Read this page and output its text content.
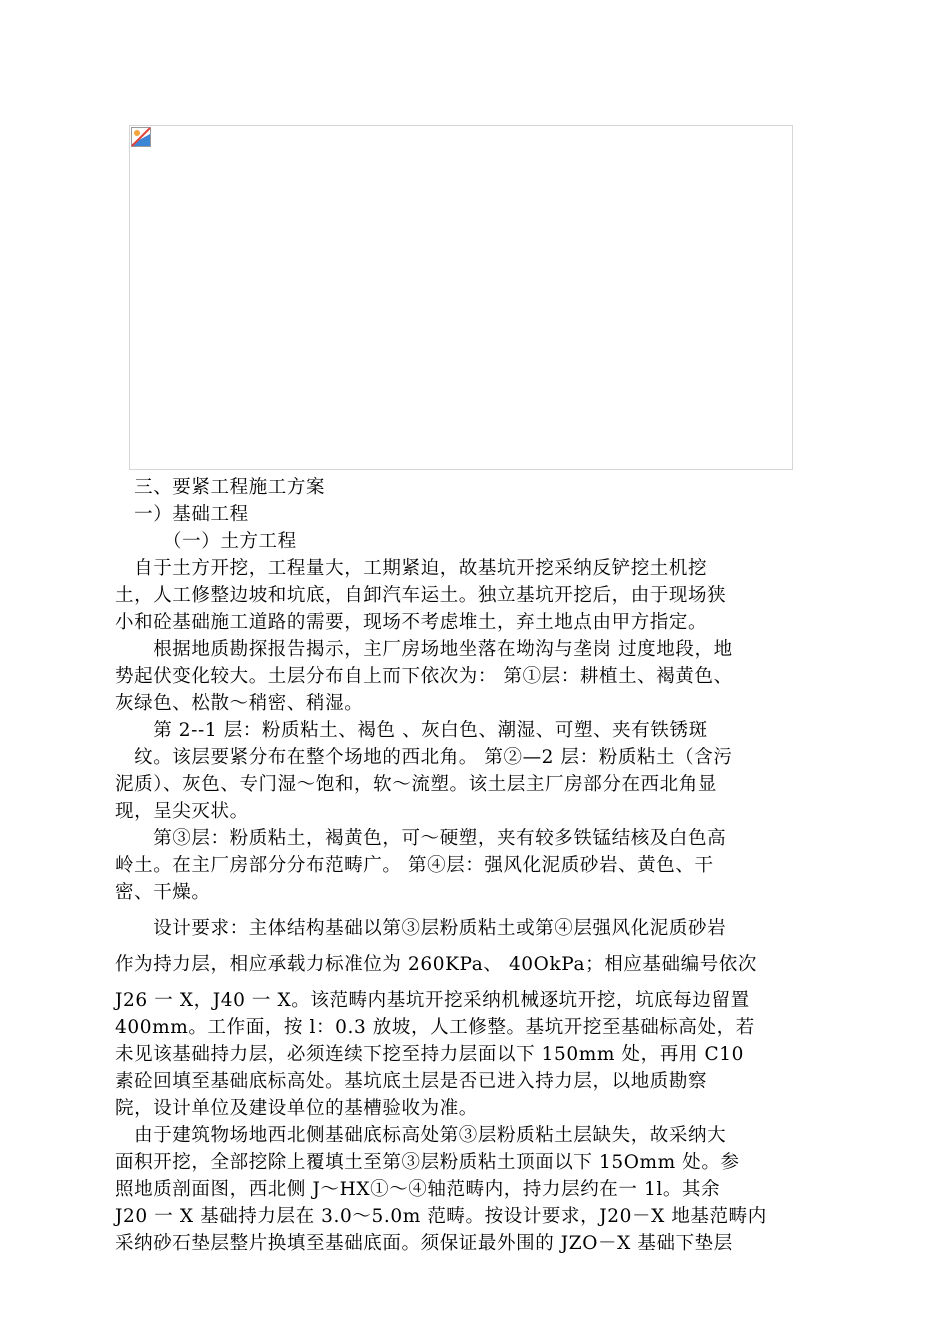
　三、要紧工程施工方案
　一）基础工程
　　　（一）土方工程
　自于土方开挖，工程量大，工期紧迫，故基坑开挖采纳反铲挖土机挖
土，人工修整边坡和坑底，自卸汽车运土。独立基坑开挖后，由于现场狭
小和砼基础施工道路的需要，现场不考虑堆土，弃土地点由甲方指定。
　　根据地质勘探报告揭示，主厂房场地坐落在坳沟与垄岗 过度地段，地
势起伏变化较大。土层分布自上而下依次为： 第①层：耕植土、褐黄色、
灰绿色、松散～稍密、稍湿。
　　第 2--1 层：粉质粘土、褐色 、灰白色、潮湿、可塑、夹有铁锈斑
　纹。该层要紧分布在整个场地的西北角。 第②—2 层：粉质粘土（含污
泥质）、灰色、专门湿～饱和，软～流塑。该土层主厂房部分在西北角显
现，呈尖灭状。
　　第③层：粉质粘土，褐黄色，可～硬塑，夹有较多铁锰结核及白色高
岭土。在主厂房部分分布范畴广。 第④层：强风化泥质砂岩、黄色、干
密、干燥。
　　设计要求：主体结构基础以第③层粉质粘土或第④层强风化泥质砂岩
作为持力层，相应承载力标准位为 260KPa、 40OkPa；相应基础编号依次
J26 一 X，J40 一 X。该范畴内基坑开挖采纳机械逐坑开挖，坑底每边留置
400mm。工作面，按 l：0.3 放坡，人工修整。基坑开挖至基础标高处，若
未见该基础持力层，必须连续下挖至持力层面以下 150mm 处，再用 C10
素砼回填至基础底标高处。基坑底土层是否已进入持力层，以地质勘察
院，设计单位及建设单位的基槽验收为准。
　由于建筑物场地西北侧基础底标高处第③层粉质粘土层缺失，故采纳大
面积开挖，全部挖除上覆填土至第③层粉质粘土顶面以下 15Omm 处。参
照地质剖面图，西北侧 J～HX①～④轴范畴内，持力层约在一 1l。其余
J20 一 X 基础持力层在 3.0～5.0m 范畴。按设计要求，J20－X 地基范畴内
采纳砂石垫层整片换填至基础底面。须保证最外围的 JZO－X 基础下垫层
